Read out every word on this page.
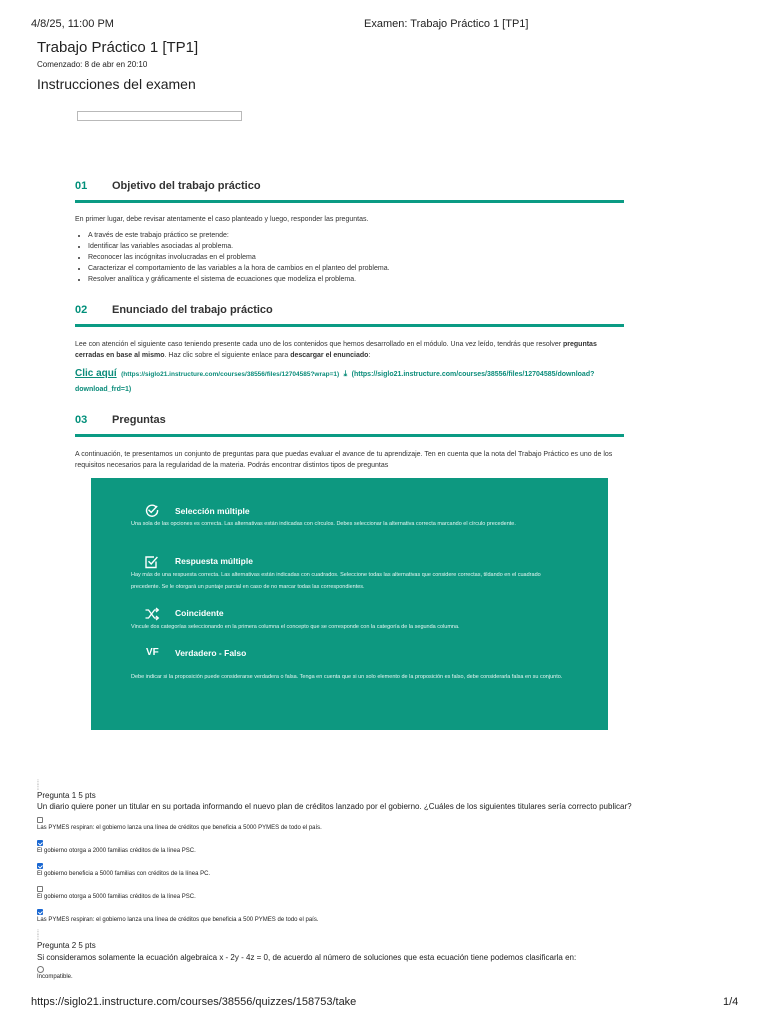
4/8/25, 11:00 PM	Examen: Trabajo Práctico 1 [TP1]
Trabajo Práctico 1 [TP1]
Comenzado: 8 de abr en 20:10
Instrucciones del examen
01 Objetivo del trabajo práctico
En primer lugar, debe revisar atentamente el caso planteado y luego, responder las preguntas.
• A través de este trabajo práctico se pretende:
• Identificar las variables asociadas al problema.
• Reconocer las incógnitas involucradas en el problema
• Caracterizar el comportamiento de las variables a la hora de cambios en el planteo del problema.
• Resolver analítica y gráficamente el sistema de ecuaciones que modeliza el problema.
02 Enunciado del trabajo práctico
Lee con atención el siguiente caso teniendo presente cada uno de los contenidos que hemos desarrollado en el módulo. Una vez leído, tendrás que resolver preguntas cerradas en base al mismo. Haz clic sobre el siguiente enlace para descargar el enunciado:
Clic aquí (https://siglo21.instructure.com/courses/38556/files/12704585?wrap=1) ⤓ (https://siglo21.instructure.com/courses/38556/files/12704585/download?download_frd=1)
03 Preguntas
A continuación, te presentamos un conjunto de preguntas para que puedas evaluar el avance de tu aprendizaje. Ten en cuenta que la nota del Trabajo Práctico es uno de los requisitos necesarios para la regularidad de la materia. Podrás encontrar distintos tipos de preguntas
Selección múltiple
Una sola de las opciones es correcta. Las alternativas están indicadas con círculos. Debes seleccionar la alternativa correcta marcando el círculo precedente.
Respuesta múltiple
Hay más de una respuesta correcta. Las alternativas están indicadas con cuadrados. Seleccione todas las alternativas que considere correctas, tildando en el cuadrado precedente. Se le otorgará un puntaje parcial en caso de no marcar todas las correspondientes.
Coincidente
Vincule dos categorías seleccionando en la primera columna el concepto que se corresponde con la categoría de la segunda columna.
VF	Verdadero - Falso
Debe indicar si la proposición puede considerarse verdadera o falsa. Tenga en cuenta que si un solo elemento de la proposición es falso, debe considerarla falsa en su conjunto.
⁞
⁞
Pregunta 1 5 pts
Un diario quiere poner un titular en su portada informando el nuevo plan de créditos lanzado por el gobierno. ¿Cuáles de los siguientes titulares sería correcto publicar?
Las PYMES respiran: el gobierno lanza una línea de créditos que beneficia a 5000 PYMES de todo el país.
El gobierno otorga a 2000 familias créditos de la línea PSC.
El gobierno beneficia a 5000 familias con créditos de la línea PC.
El gobierno otorga a 5000 familias créditos de la línea PSC.
Las PYMES respiran: el gobierno lanza una línea de créditos que beneficia a 500 PYMES de todo el país.
⁞
⁞
Pregunta 2 5 pts
Si consideramos solamente la ecuación algebraica x - 2y - 4z = 0, de acuerdo al número de soluciones que esta ecuación tiene podemos clasificarla en:
Incompatible.
https://siglo21.instructure.com/courses/38556/quizzes/158753/take	1/4
